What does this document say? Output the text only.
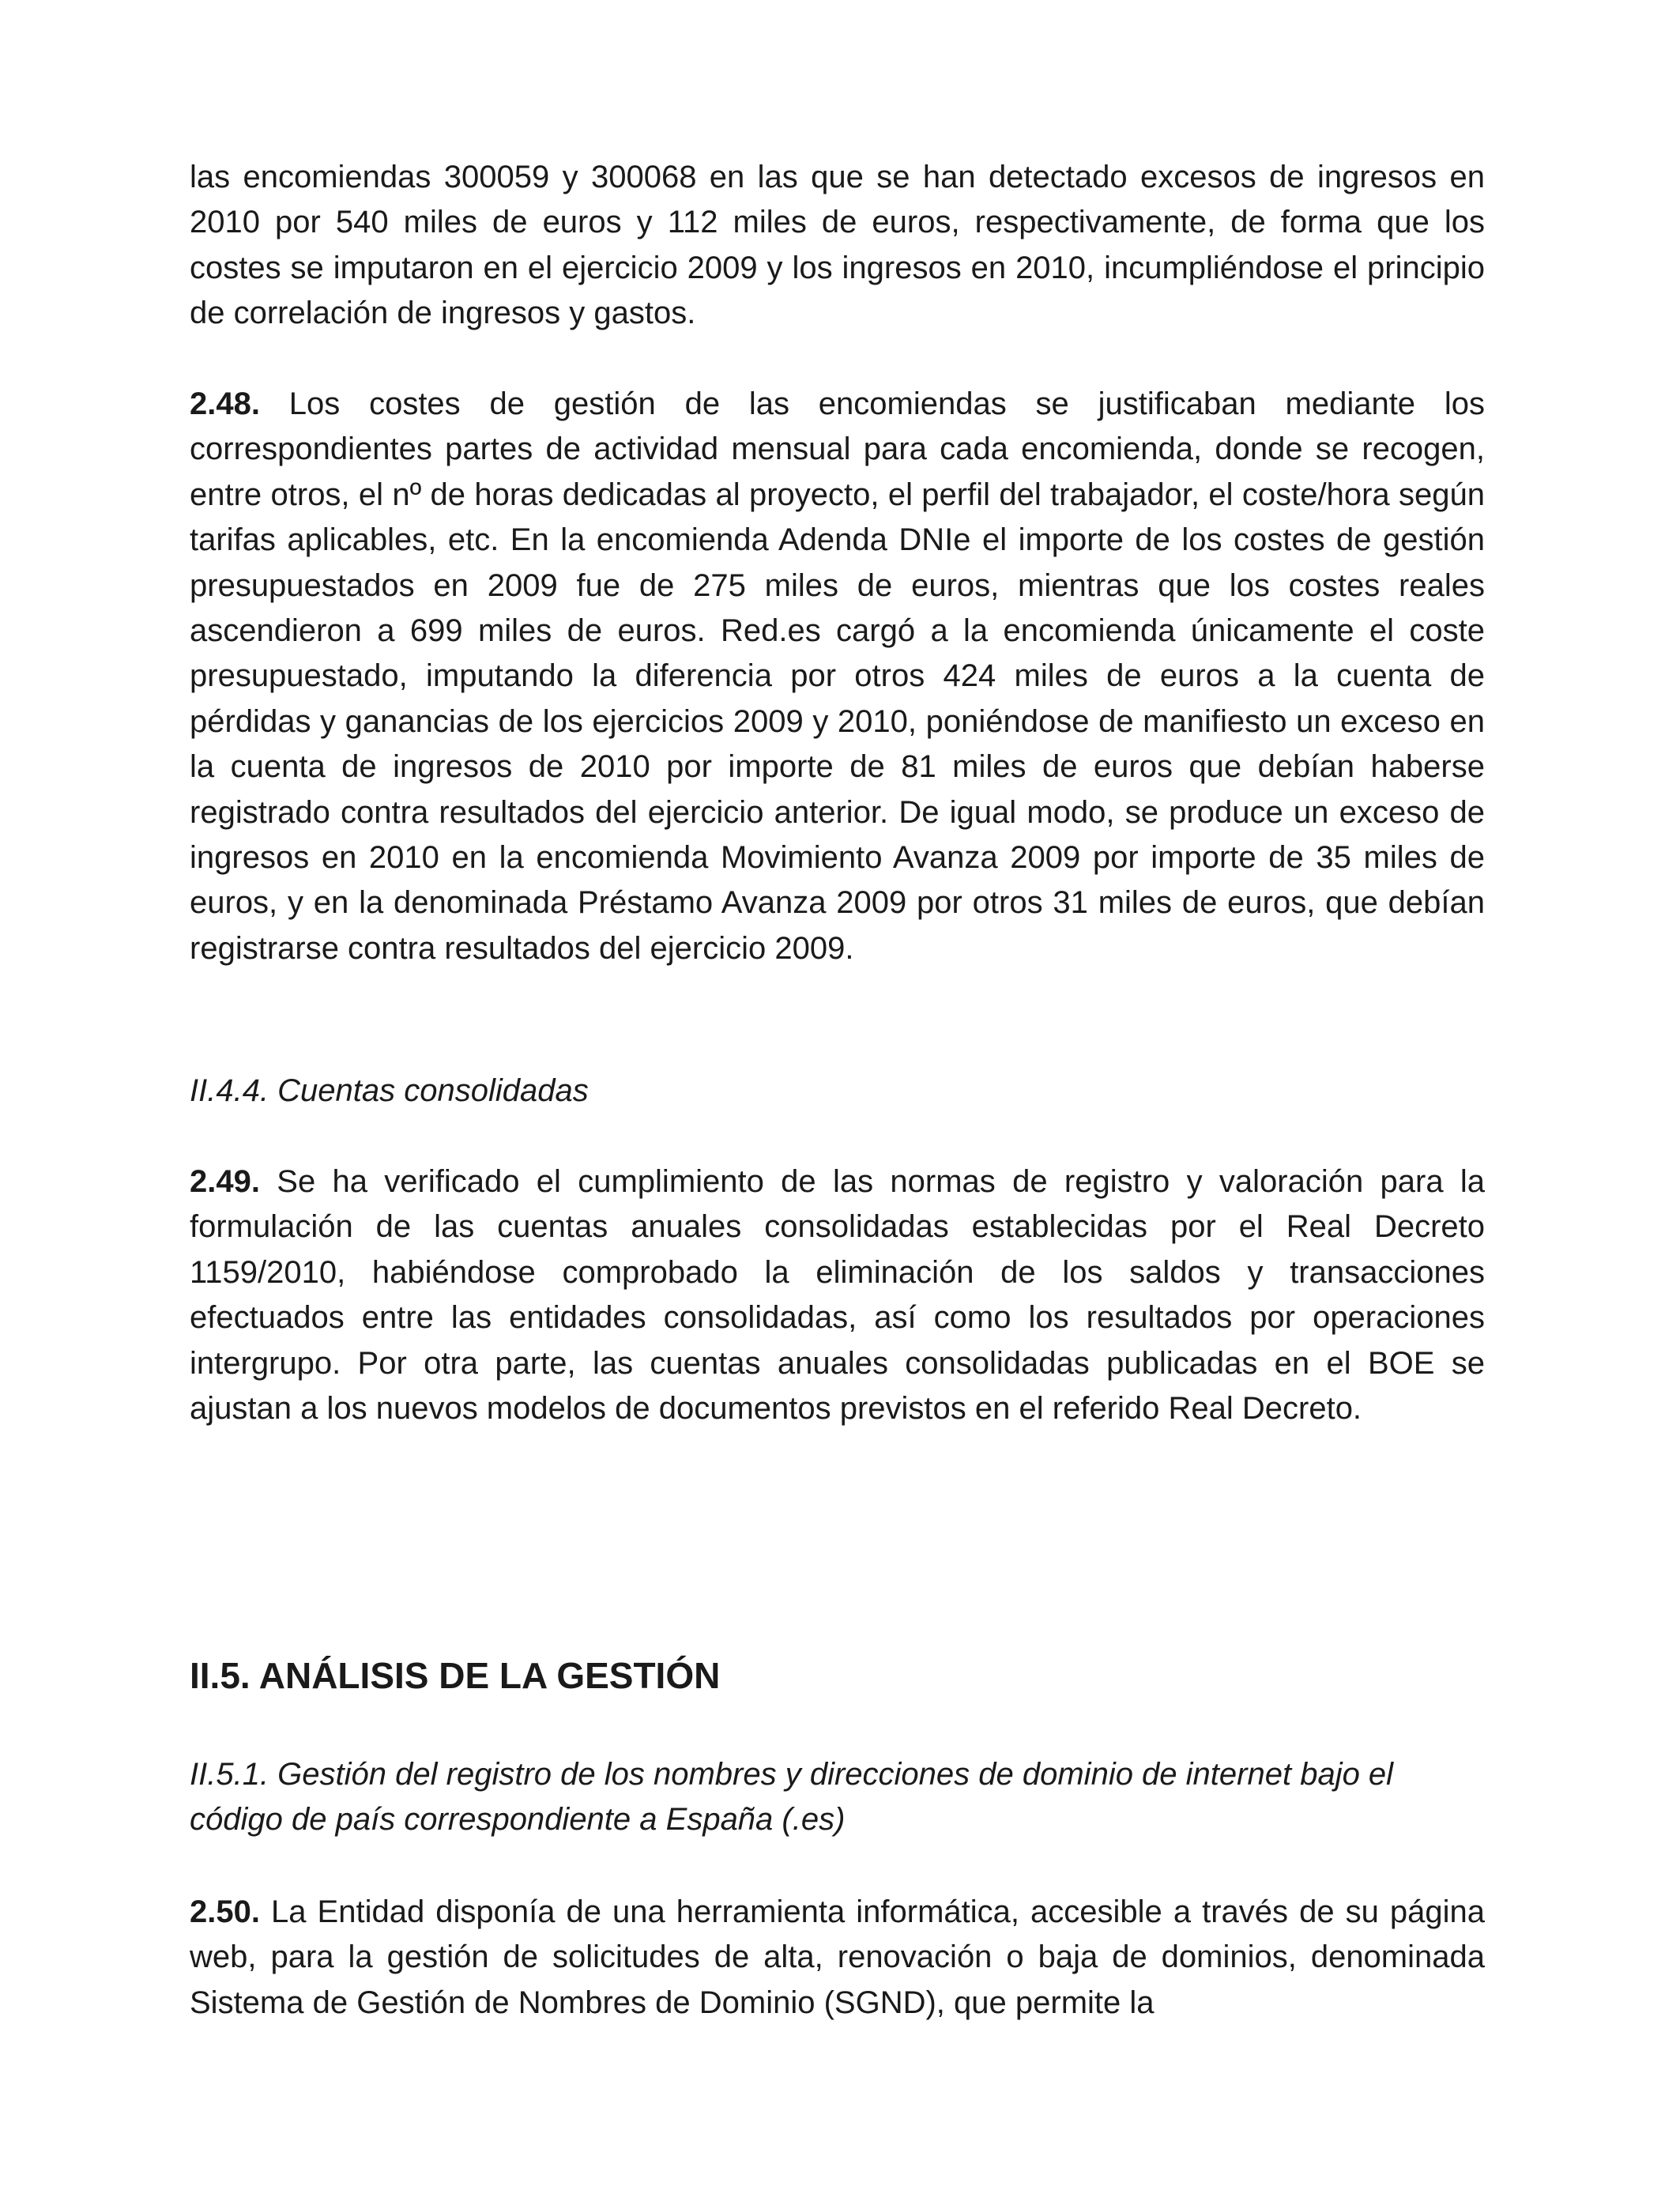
las encomiendas 300059 y 300068 en las que se han detectado excesos de ingresos en 2010 por 540 miles de euros y 112 miles de euros, respectivamente, de forma que los costes se imputaron en el ejercicio 2009 y los ingresos en 2010, incumpliéndose el principio de correlación de ingresos y gastos.

2.48. Los costes de gestión de las encomiendas se justificaban mediante los correspondientes partes de actividad mensual para cada encomienda, donde se recogen, entre otros, el nº de horas dedicadas al proyecto, el perfil del trabajador, el coste/hora según tarifas aplicables, etc. En la encomienda Adenda DNIe el importe de los costes de gestión presupuestados en 2009 fue de 275 miles de euros, mientras que los costes reales ascendieron a 699 miles de euros. Red.es cargó a la encomienda únicamente el coste presupuestado, imputando la diferencia por otros 424 miles de euros a la cuenta de pérdidas y ganancias de los ejercicios 2009 y 2010, poniéndose de manifiesto un exceso en la cuenta de ingresos de 2010 por importe de 81 miles de euros que debían haberse registrado contra resultados del ejercicio anterior. De igual modo, se produce un exceso de ingresos en 2010 en la encomienda Movimiento Avanza 2009 por importe de 35 miles de euros, y en la denominada Préstamo Avanza 2009 por otros 31 miles de euros, que debían registrarse contra resultados del ejercicio 2009.

II.4.4. Cuentas consolidadas

2.49. Se ha verificado el cumplimiento de las normas de registro y valoración para la formulación de las cuentas anuales consolidadas establecidas por el Real Decreto 1159/2010, habiéndose comprobado la eliminación de los saldos y transacciones efectuados entre las entidades consolidadas, así como los resultados por operaciones intergrupo. Por otra parte, las cuentas anuales consolidadas publicadas en el BOE se ajustan a los nuevos modelos de documentos previstos en el referido Real Decreto.

II.5. ANÁLISIS DE LA GESTIÓN

II.5.1. Gestión del registro de los nombres y direcciones de dominio de internet bajo el código de país correspondiente a España (.es)

2.50. La Entidad disponía de una herramienta informática, accesible a través de su página web, para la gestión de solicitudes de alta, renovación o baja de dominios, denominada Sistema de Gestión de Nombres de Dominio (SGND), que permite la
